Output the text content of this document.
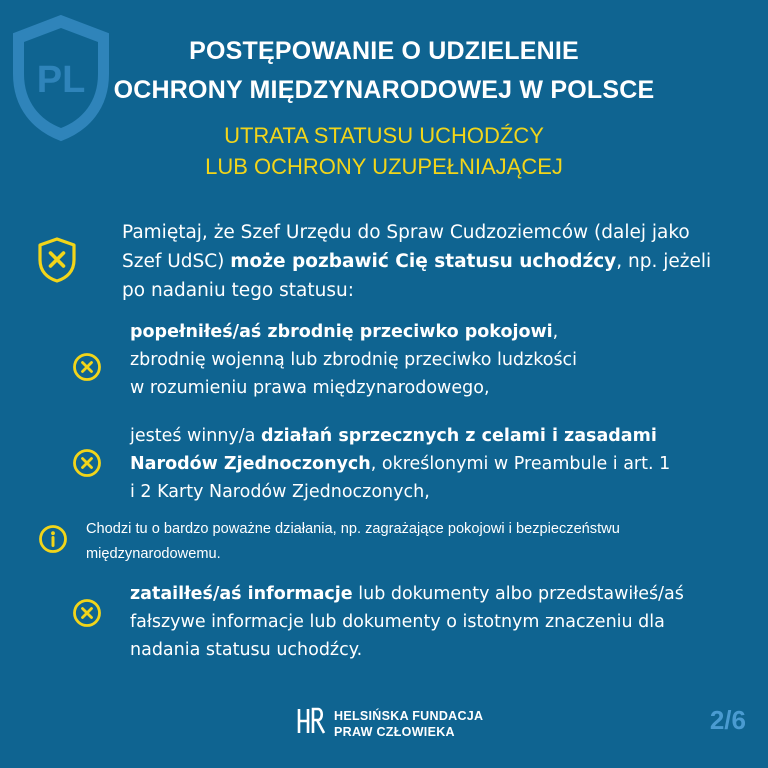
PL
POSTĘPOWANIE O UDZIELENIE
OCHRONY MIĘDZYNARODOWEJ W POLSCE
UTRATA STATUSU UCHODŹCY
LUB OCHRONY UZUPEŁNIAJĄCEJ
Pamiętaj, że Szef Urzędu do Spraw Cudzoziemców (dalej jako
Szef UdSC) może pozbawić Cię statusu uchodźcy, np. jeżeli
po nadaniu tego statusu:
popełniłeś/aś zbrodnię przeciwko pokojowi,
zbrodnię wojenną lub zbrodnię przeciwko ludzkości
w rozumieniu prawa międzynarodowego,
jesteś winny/a działań sprzecznych z celami i zasadami
Narodów Zjednoczonych, określonymi w Preambule i art. 1
i 2 Karty Narodów Zjednoczonych,
Chodzi tu o bardzo poważne działania, np. zagrażające pokojowi i bezpieczeństwu
międzynarodowemu.
zatailłeś/aś informacje lub dokumenty albo przedstawiłeś/aś
fałszywe informacje lub dokumenty o istotnym znaczeniu dla
nadania statusu uchodźcy.
HELSIŃSKA FUNDACJA
PRAW CZŁOWIEKA	2/6
